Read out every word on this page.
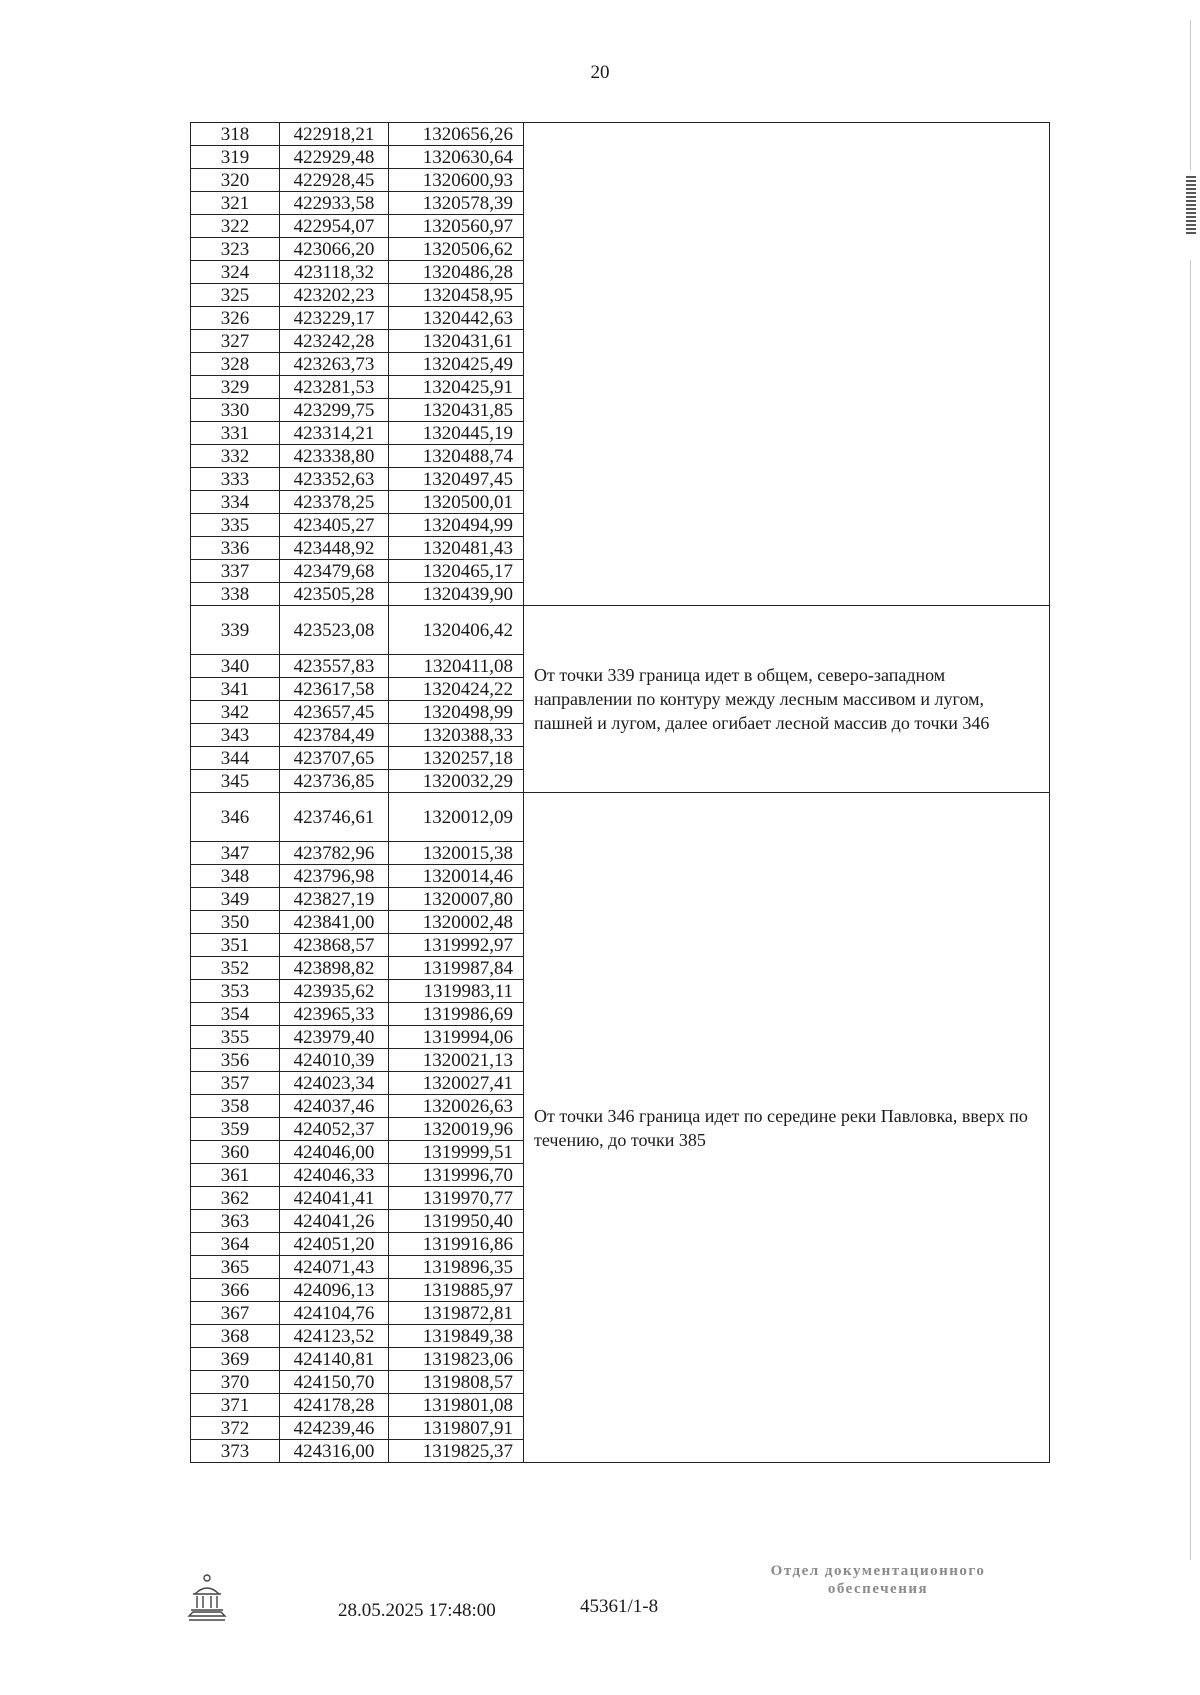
20
318	422918,21	1320656,26	
319	422929,48	1320630,64	
320	422928,45	1320600,93	
321	422933,58	1320578,39	
322	422954,07	1320560,97	
323	423066,20	1320506,62	
324	423118,32	1320486,28	
325	423202,23	1320458,95	
326	423229,17	1320442,63	
327	423242,28	1320431,61	
328	423263,73	1320425,49	
329	423281,53	1320425,91	
330	423299,75	1320431,85	
331	423314,21	1320445,19	
332	423338,80	1320488,74	
333	423352,63	1320497,45	
334	423378,25	1320500,01	
335	423405,27	1320494,99	
336	423448,92	1320481,43	
337	423479,68	1320465,17	
338	423505,28	1320439,90	
339	423523,08	1320406,42	От точки 339 граница идет в общем, северо-западном направлении по контуру между лесным массивом и лугом, пашней и лугом, далее огибает лесной массив до точки 346
340	423557,83	1320411,08	
341	423617,58	1320424,22	
342	423657,45	1320498,99	
343	423784,49	1320388,33	
344	423707,65	1320257,18	
345	423736,85	1320032,29	
346	423746,61	1320012,09	От точки 346 граница идет по середине реки Павловка, вверх по течению, до точки 385
347	423782,96	1320015,38	
348	423796,98	1320014,46	
349	423827,19	1320007,80	
350	423841,00	1320002,48	
351	423868,57	1319992,97	
352	423898,82	1319987,84	
353	423935,62	1319983,11	
354	423965,33	1319986,69	
355	423979,40	1319994,06	
356	424010,39	1320021,13	
357	424023,34	1320027,41	
358	424037,46	1320026,63	
359	424052,37	1320019,96	
360	424046,00	1319999,51	
361	424046,33	1319996,70	
362	424041,41	1319970,77	
363	424041,26	1319950,40	
364	424051,20	1319916,86	
365	424071,43	1319896,35	
366	424096,13	1319885,97	
367	424104,76	1319872,81	
368	424123,52	1319849,38	
369	424140,81	1319823,06	
370	424150,70	1319808,57	
371	424178,28	1319801,08	
372	424239,46	1319807,91	
373	424316,00	1319825,37	
28.05.2025 17:48:00	45361/1-8
Отдел документационного
обеспечения
